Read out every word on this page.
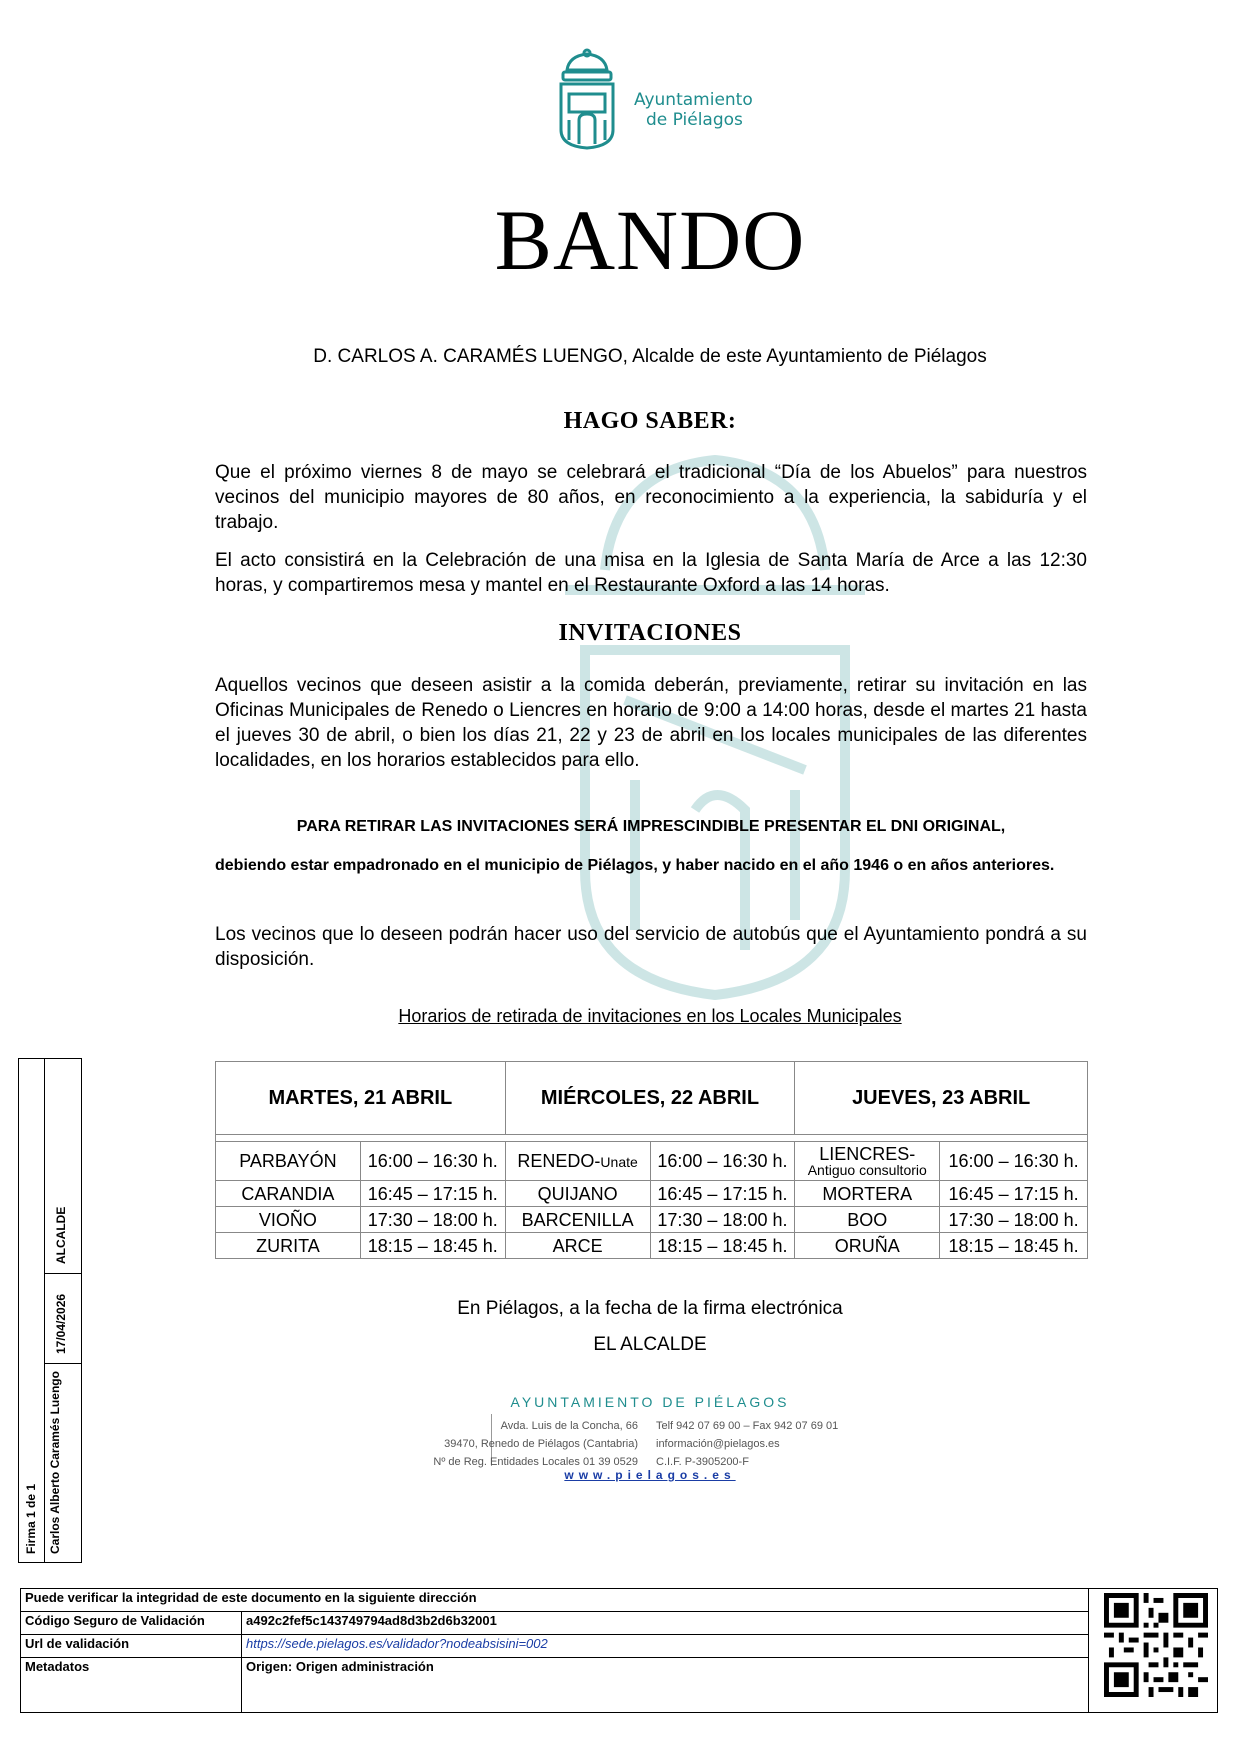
Ayuntamiento
de Piélagos
BANDO
D. CARLOS A. CARAMÉS LUENGO, Alcalde de este Ayuntamiento de Piélagos
HAGO SABER:
Que el próximo viernes 8 de mayo se celebrará el tradicional “Día de los Abuelos” para nuestros vecinos del municipio mayores de 80 años, en reconocimiento a la experiencia, la sabiduría y el trabajo.
El acto consistirá en la Celebración de una misa en la Iglesia de Santa María de Arce a las 12:30 horas, y compartiremos mesa y mantel en el Restaurante Oxford a las 14 horas.
INVITACIONES
Aquellos vecinos que deseen asistir a la comida deberán, previamente, retirar su invitación en las Oficinas Municipales de Renedo o Liencres en horario de 9:00 a 14:00 horas, desde el martes 21 hasta el jueves 30 de abril, o bien los días 21, 22 y 23 de abril en los locales municipales de las diferentes localidades, en los horarios establecidos para ello.
PARA RETIRAR LAS INVITACIONES SERÁ IMPRESCINDIBLE PRESENTAR EL DNI ORIGINAL,
debiendo estar empadronado en el municipio de Piélagos, y haber nacido en el año 1946 o en años anteriores.
Los vecinos que lo deseen podrán hacer uso del servicio de autobús que el Ayuntamiento pondrá a su disposición.
Horarios de retirada de invitaciones en los Locales Municipales
MARTES, 21 ABRIL		MIÉRCOLES, 22 ABRIL		JUEVES, 23 ABRIL	

PARBAYÓN	16:00 – 16:30 h.	RENEDO-Unate	16:00 – 16:30 h.	LIENCRES-
Antiguo consultorio	16:00 – 16:30 h.
CARANDIA	16:45 – 17:15 h.	QUIJANO	16:45 – 17:15 h.	MORTERA	16:45 – 17:15 h.
VIOÑO	17:30 – 18:00 h.	BARCENILLA	17:30 – 18:00 h.	BOO	17:30 – 18:00 h.
ZURITA	18:15 – 18:45 h.	ARCE	18:15 – 18:45 h.	ORUÑA	18:15 – 18:45 h.
En Piélagos, a la fecha de la firma electrónica
EL ALCALDE
AYUNTAMIENTO DE PIÉLAGOS
Avda. Luis de la Concha, 66
39470, Renedo de Piélagos (Cantabria)
Nº de Reg. Entidades Locales 01 39 0529
Telf 942 07 69 00 – Fax 942 07 69 01
información@pielagos.es
C.I.F. P-3905200-F
www.pielagos.es
Firma 1 de 1 Carlos Alberto Caramés Luengo
17/04/2026
ALCALDE
Puede verificar la integridad de este documento en la siguiente dirección		
Código Seguro de Validación	a492c2fef5c143749794ad8d3b2d6b32001	
Url de validación	https://sede.pielagos.es/validador?nodeabsisini=002	
Metadatos	Origen: Origen administración	
